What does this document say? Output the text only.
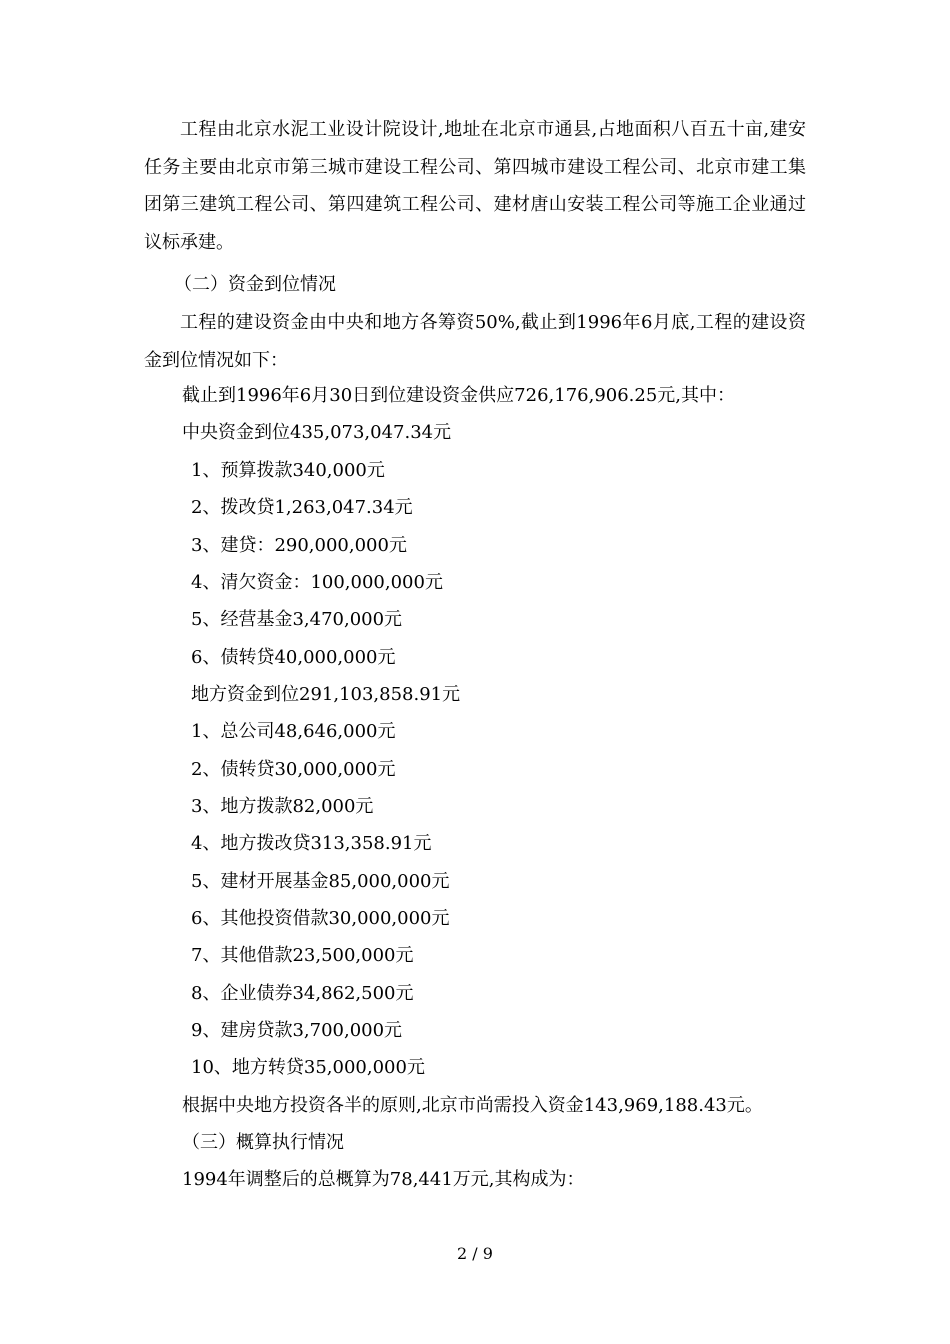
工程由北京水泥工业设计院设计,地址在北京市通县,占地面积八百五十亩,建安任务主要由北京市第三城市建设工程公司、第四城市建设工程公司、北京市建工集团第三建筑工程公司、第四建筑工程公司、建材唐山安装工程公司等施工企业通过议标承建。

（二）资金到位情况

工程的建设资金由中央和地方各筹资50%,截止到1996年6月底,工程的建设资金到位情况如下：

截止到1996年6月30日到位建设资金供应726,176,906.25元,其中：
中央资金到位435,073,047.34元
1、预算拨款340,000元
2、拨改贷1,263,047.34元
3、建贷：290,000,000元
4、清欠资金：100,000,000元
5、经营基金3,470,000元
6、债转贷40,000,000元
地方资金到位291,103,858.91元
1、总公司48,646,000元
2、债转贷30,000,000元
3、地方拨款82,000元
4、地方拨改贷313,358.91元
5、建材开展基金85,000,000元
6、其他投资借款30,000,000元
7、其他借款23,500,000元
8、企业债券34,862,500元
9、建房贷款3,700,000元
10、地方转贷35,000,000元
根据中央地方投资各半的原则,北京市尚需投入资金143,969,188.43元。
（三）概算执行情况
1994年调整后的总概算为78,441万元,其构成为：
2 / 9
